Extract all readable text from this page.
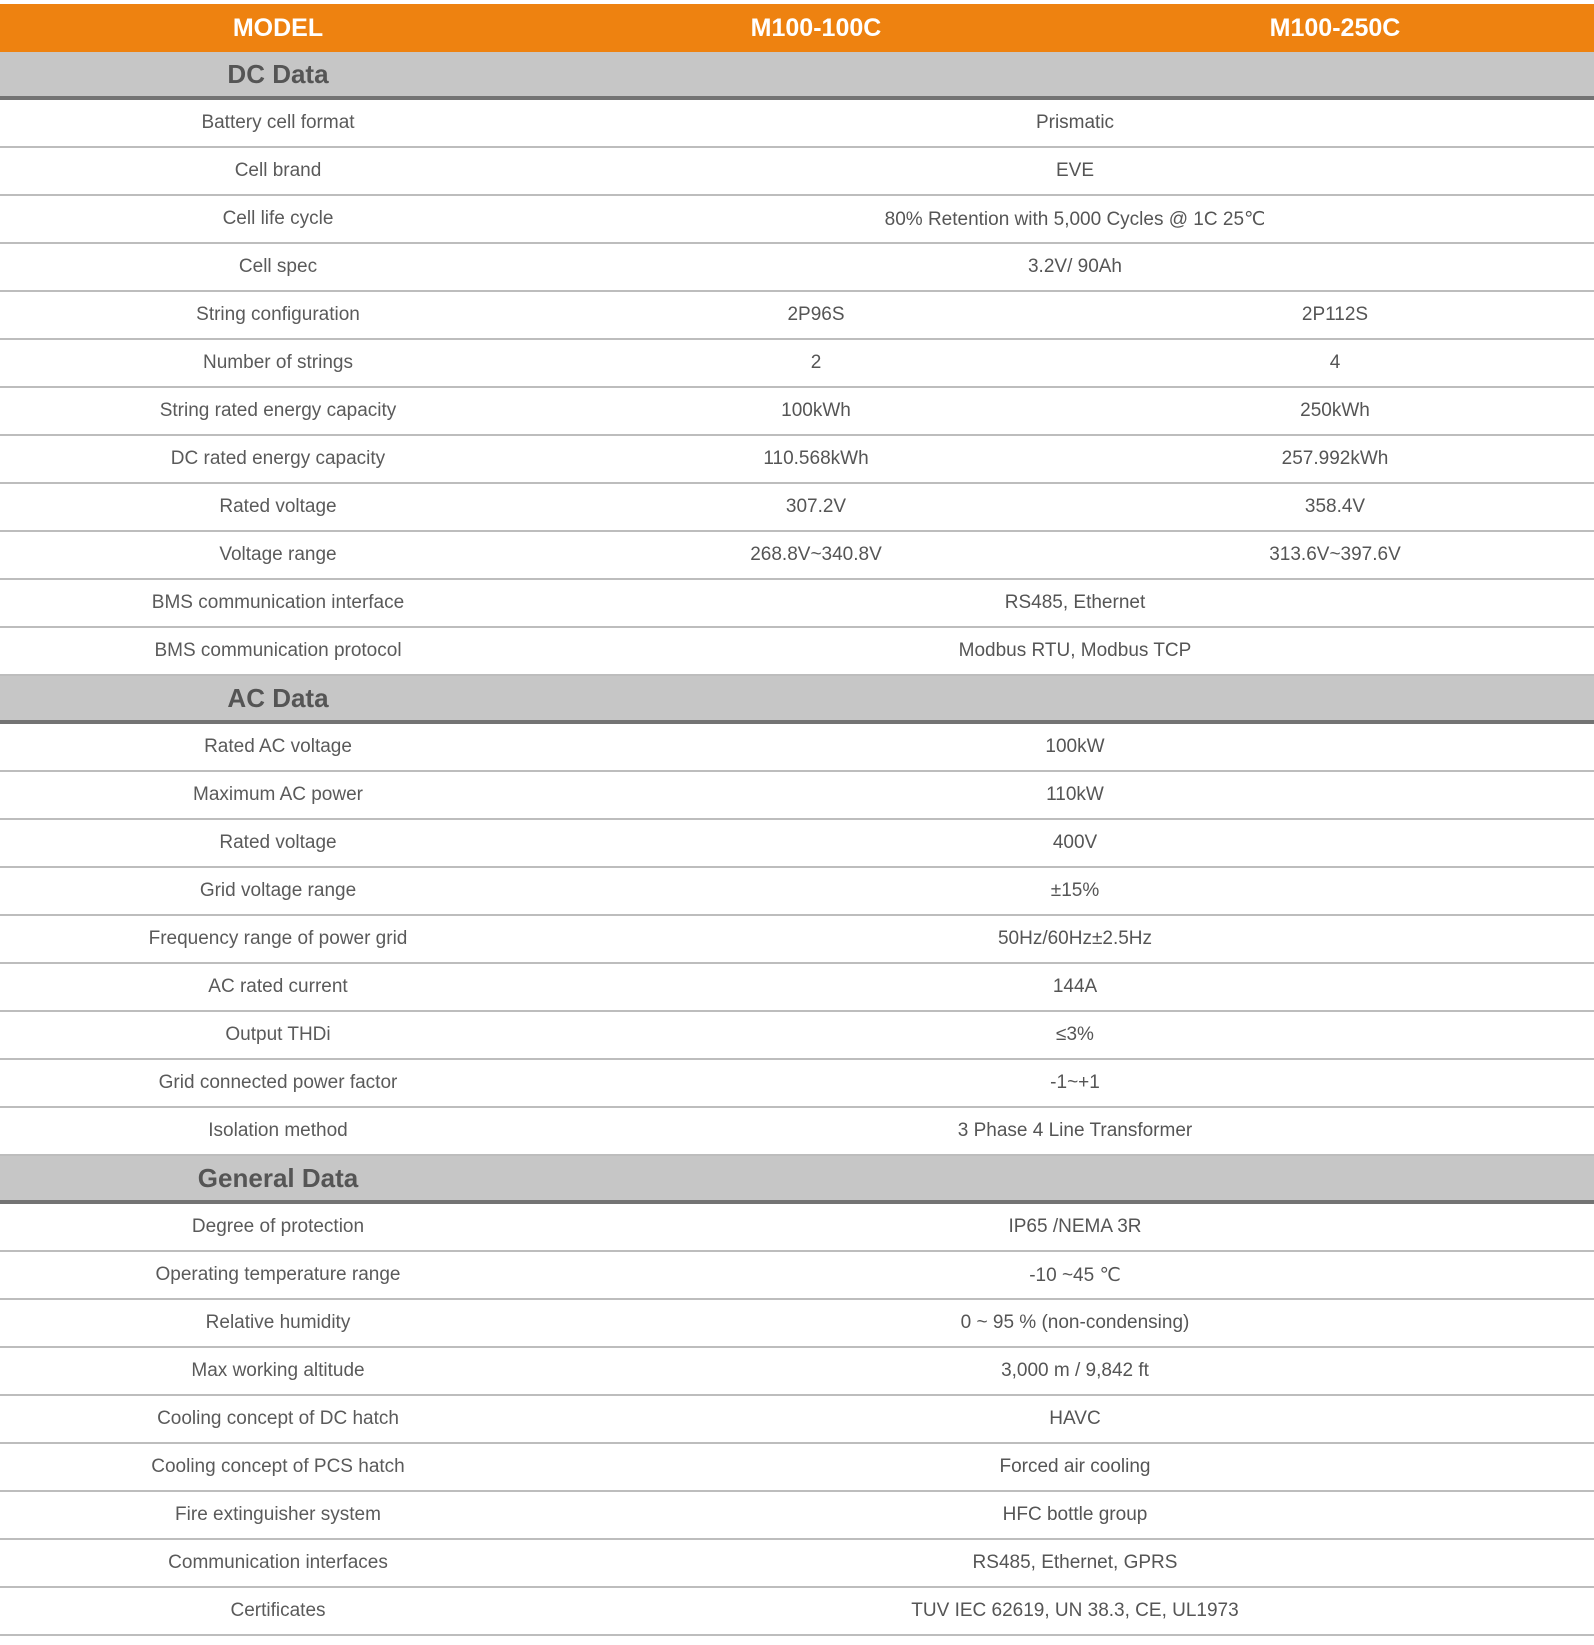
MODEL	M100-100C	M100-250C
DC Data
Battery cell format	Prismatic
Cell brand	EVE
Cell life cycle	80% Retention with 5,000 Cycles @ 1C 25℃
Cell spec	3.2V/ 90Ah
String configuration	2P96S	2P112S
Number of strings	2	4
String rated energy capacity	100kWh	250kWh
DC rated energy capacity	110.568kWh	257.992kWh
Rated voltage	307.2V	358.4V
Voltage range	268.8V~340.8V	313.6V~397.6V
BMS communication interface	RS485, Ethernet
BMS communication protocol	Modbus RTU, Modbus TCP
AC Data
Rated AC voltage	100kW
Maximum AC power	110kW
Rated voltage	400V
Grid voltage range	±15%
Frequency range of power grid	50Hz/60Hz±2.5Hz
AC rated current	144A
Output THDi	≤3%
Grid connected power factor	-1~+1
Isolation method	3 Phase 4 Line Transformer
General Data
Degree of protection	IP65 /NEMA 3R
Operating temperature range	-10 ~45 ℃
Relative humidity	0 ~ 95 % (non-condensing)
Max working altitude	3,000 m / 9,842 ft
Cooling concept of DC hatch	HAVC
Cooling concept of PCS hatch	Forced air cooling
Fire extinguisher system	HFC bottle group
Communication interfaces	RS485, Ethernet, GPRS
Certificates	TUV IEC 62619, UN 38.3, CE, UL1973
